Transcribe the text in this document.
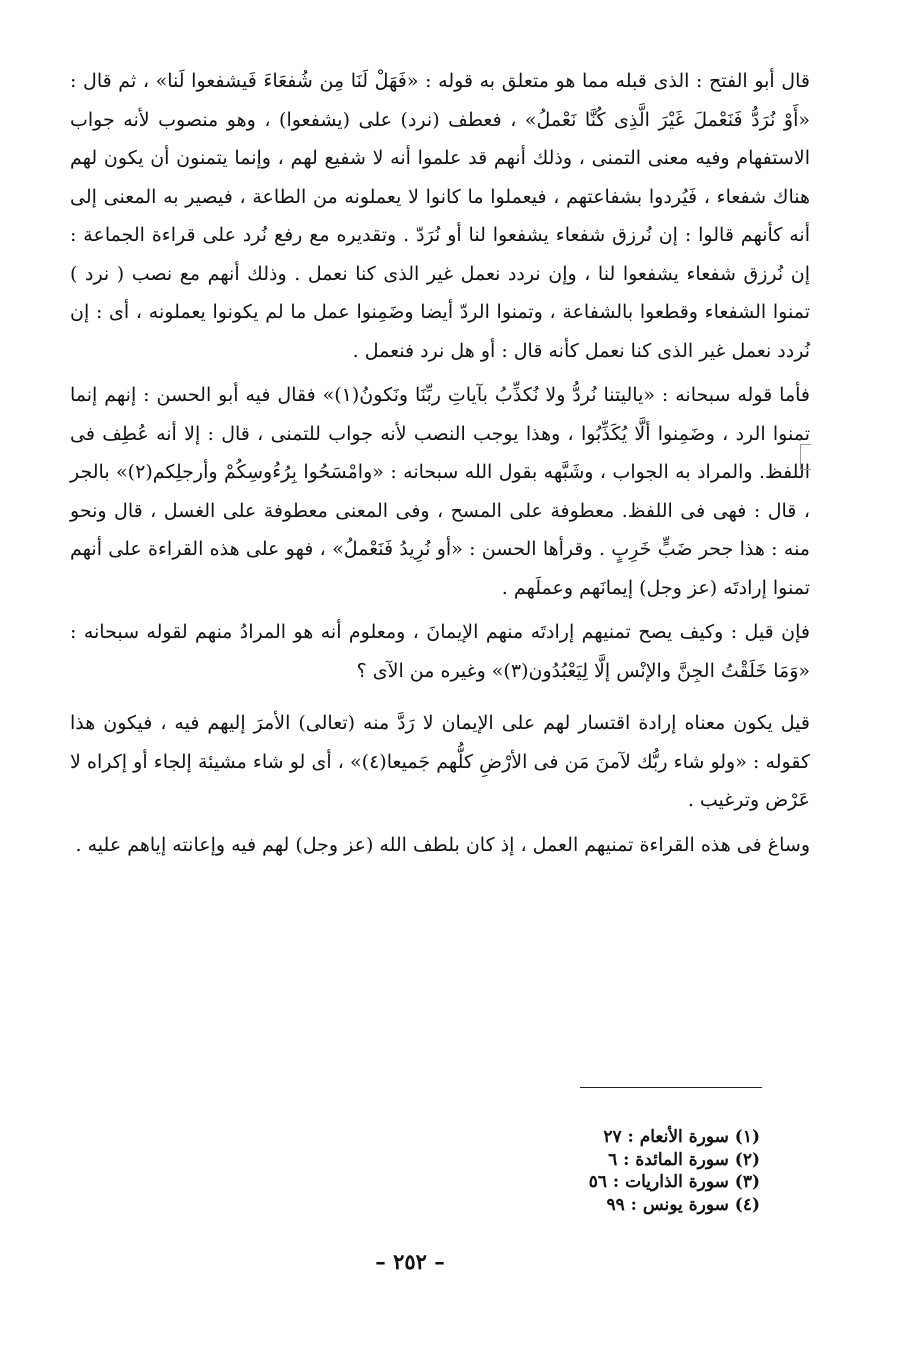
قال أبو الفتح : الذى قبله مما هو متعلق به قوله : «فَهَلْ لَنَا مِن شُفعَاءَ فَيشفعوا لَنا» ، ثم قال : «أَوْ نُرَدُّ فَنَعْملَ غَيْرَ الَّذِى كُنَّا نَعْملُ» ، فعطف (نرد) على (يشفعوا) ، وهو منصوب لأنه جواب الاستفهام وفيه معنى التمنى ، وذلك أنهم قد علموا أنه لا شفيع لهم ، وإنما يتمنون أن يكون لهم هناك شفعاء ، فَيُردوا بشفاعتهم ، فيعملوا ما كانوا لا يعملونه من الطاعة ، فيصير به المعنى إلى أنه كأنهم قالوا : إن نُرزق شفعاء يشفعوا لنا أو نُرَدّ . وتقديره مع رفع نُرد على قراءة الجماعة : إن نُرزق شفعاء يشفعوا لنا ، وإن نردد نعمل غير الذى كنا نعمل . وذلك أنهم مع نصب ( نرد ) تمنوا الشفعاء وقطعوا بالشفاعة ، وتمنوا الردّ أيضا وضَمِنوا عمل ما لم يكونوا يعملونه ، أى : إن نُردد نعمل غير الذى كنا نعمل كأنه قال : أو هل نرد فنعمل .

فأما قوله سبحانه : «ياليتنا نُردُّ ولا نُكذِّبُ بآياتِ ربِّنَا ونَكونُ(١)» فقال فيه أبو الحسن : إنهم إنما تمنوا الرد ، وضَمِنوا ألَّا يُكَذِّبُوا ، وهذا يوجب النصب لأنه جواب للتمنى ، قال : إلا أنه عُطِف فى اللفظ. والمراد به الجواب ، وشَبَّهه بقول الله سبحانه : «وامْسَحُوا بِرُءُوسِكُمْ وأرجلِكم(٢)» بالجر ، قال : فهى فى اللفظ. معطوفة على المسح ، وفى المعنى معطوفة على الغسل ، قال ونحو منه : هذا جحر ضَبٍّ خَرِبٍ . وقرأها الحسن : «أو نُرِيدُ فَنَعْملُ» ، فهو على هذه القراءة على أنهم تمنوا إرادتَه (عز وجل) إيمانَهم وعملَهم .

فإن قيل : وكيف يصح تمنيهم إرادتَه منهم الإيمانَ ، ومعلوم أنه هو المرادُ منهم لقوله سبحانه : «وَمَا خَلَقْتُ الجِنَّ والإنْس إلَّا لِيَعْبُدُون(٣)» وغيره من الآى ؟

قيل يكون معناه إرادة اقتسار لهم على الإيمان لا رَدَّ منه (تعالى) الأمرَ إليهم فيه ، فيكون هذا كقوله : «ولو شاء ربُّك لآمنَ مَن فى الأرْضِ كلُّهم جَميعا(٤)» ، أى لو شاء مشيئة إلجاء أو إكراه لا عَرْض وترغيب .

وساغ فى هذه القراءة تمنيهم العمل ، إذ كان بلطف الله (عز وجل) لهم فيه وإعانته إياهم عليه .

(١) سورة الأنعام : ٢٧
(٢) سورة المائدة : ٦
(٣) سورة الذاريات : ٥٦
(٤) سورة يونس : ٩٩
– ٢٥٢ –
